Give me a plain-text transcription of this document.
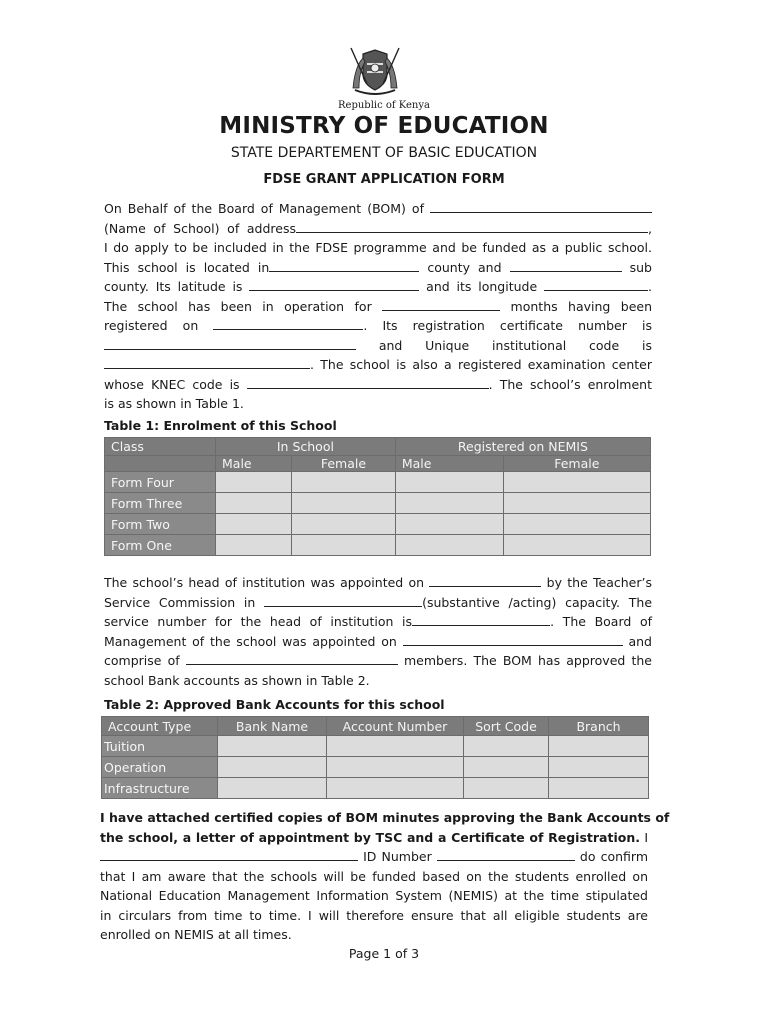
Republic of Kenya
MINISTRY OF EDUCATION
STATE DEPARTEMENT OF BASIC EDUCATION
FDSE GRANT APPLICATION FORM

On Behalf of the Board of Management (BOM) of

(Name of School) of address	,

I do apply to be included in the FDSE programme and be funded as a public school.

This school is located in	county and	sub

county. Its latitude is	and its longitude	.

The school has been in operation for	months having been

registered on	. Its registration certificate number is

and Unique institutional code is

. The school is also a registered examination center

whose KNEC code is	. The school’s enrolment

is as shown in Table 1.

Table 1: Enrolment of this School
Class	In School		Registered on NEMIS	
	Male	Female	Male	Female
Form Four				
Form Three				
Form Two				
Form One				

The school’s head of institution was appointed on	by the Teacher’s

Service Commission in	(substantive /acting) capacity. The

service number for the head of institution is	. The Board of

Management of the school was appointed on	and

comprise of	members. The BOM has approved the

school Bank accounts as shown in Table 2.

Table 2: Approved Bank Accounts for this school
Account Type	Bank Name	Account Number	Sort Code	Branch
Tuition				
Operation				
Infrastructure				

I have attached certified copies of BOM minutes approving the Bank Accounts of

the school, a letter of appointment by TSC and a Certificate of Registration. I

ID Number	do confirm

that I am aware that the schools will be funded based on the students enrolled on

National Education Management Information System (NEMIS) at the time stipulated

in circulars from time to time. I will therefore ensure that all eligible students are

enrolled on NEMIS at all times.

Page 1 of 3
